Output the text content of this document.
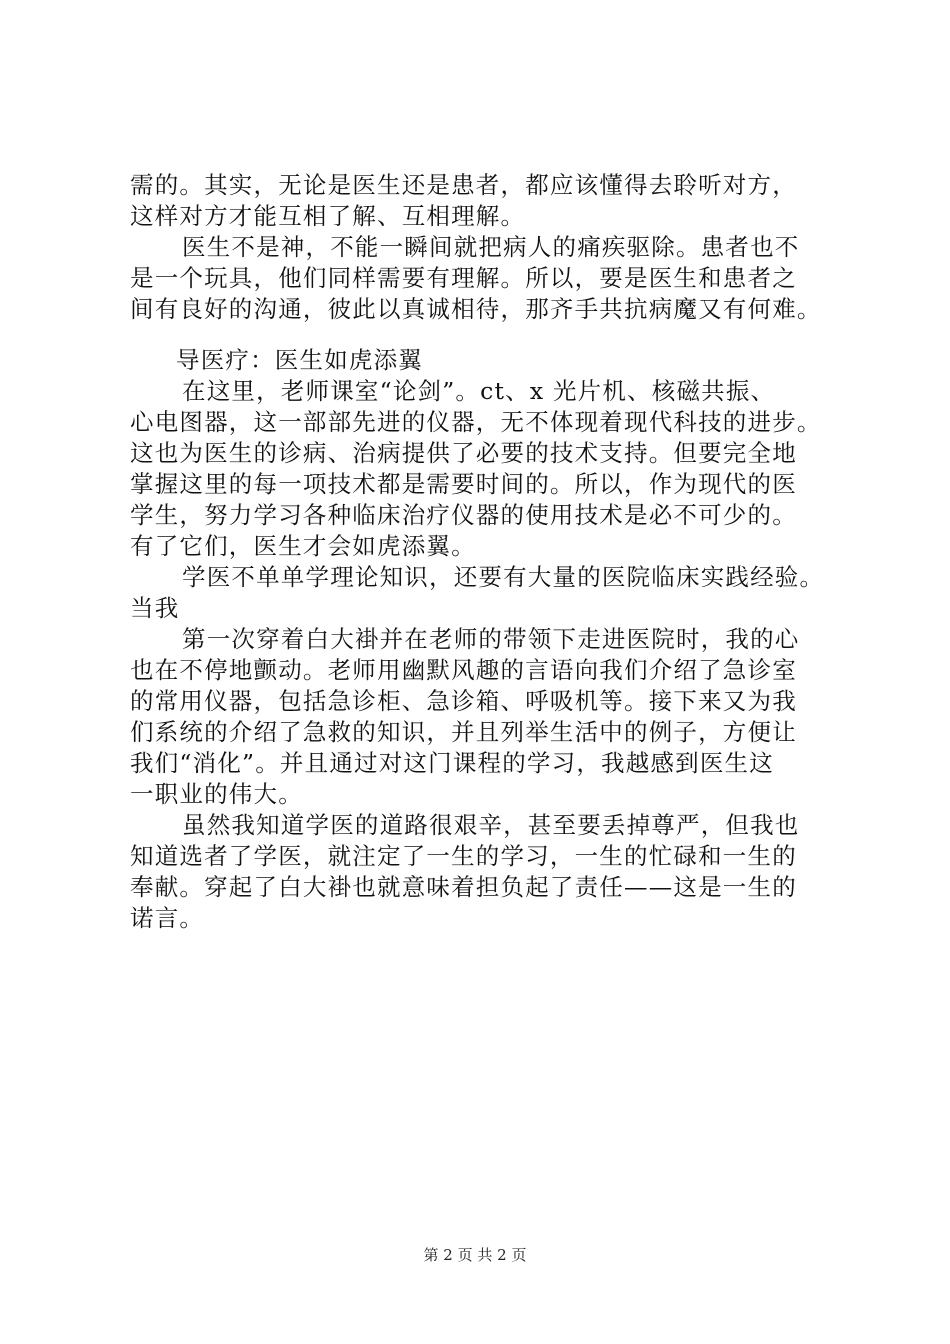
需的。其实，无论是医生还是患者，都应该懂得去聆听对方，
这样对方才能互相了解、互相理解。
医生不是神，不能一瞬间就把病人的痛疾驱除。患者也不
是一个玩具，他们同样需要有理解。所以，要是医生和患者之
间有良好的沟通，彼此以真诚相待，那齐手共抗病魔又有何难。
导医疗：医生如虎添翼
在这里，老师课室“论剑”。ct、x 光片机、核磁共振、
心电图器，这一部部先进的仪器，无不体现着现代科技的进步。
这也为医生的诊病、治病提供了必要的技术支持。但要完全地
掌握这里的每一项技术都是需要时间的。所以，作为现代的医
学生，努力学习各种临床治疗仪器的使用技术是必不可少的。
有了它们，医生才会如虎添翼。
学医不单单学理论知识，还要有大量的医院临床实践经验。
当我
第一次穿着白大褂并在老师的带领下走进医院时，我的心
也在不停地颤动。老师用幽默风趣的言语向我们介绍了急诊室
的常用仪器，包括急诊柜、急诊箱、呼吸机等。接下来又为我
们系统的介绍了急救的知识，并且列举生活中的例子，方便让
我们“消化”。并且通过对这门课程的学习，我越感到医生这
一职业的伟大。
虽然我知道学医的道路很艰辛，甚至要丢掉尊严，但我也
知道选者了学医，就注定了一生的学习，一生的忙碌和一生的
奉献。穿起了白大褂也就意味着担负起了责任——这是一生的
诺言。
第 2 页 共 2 页
